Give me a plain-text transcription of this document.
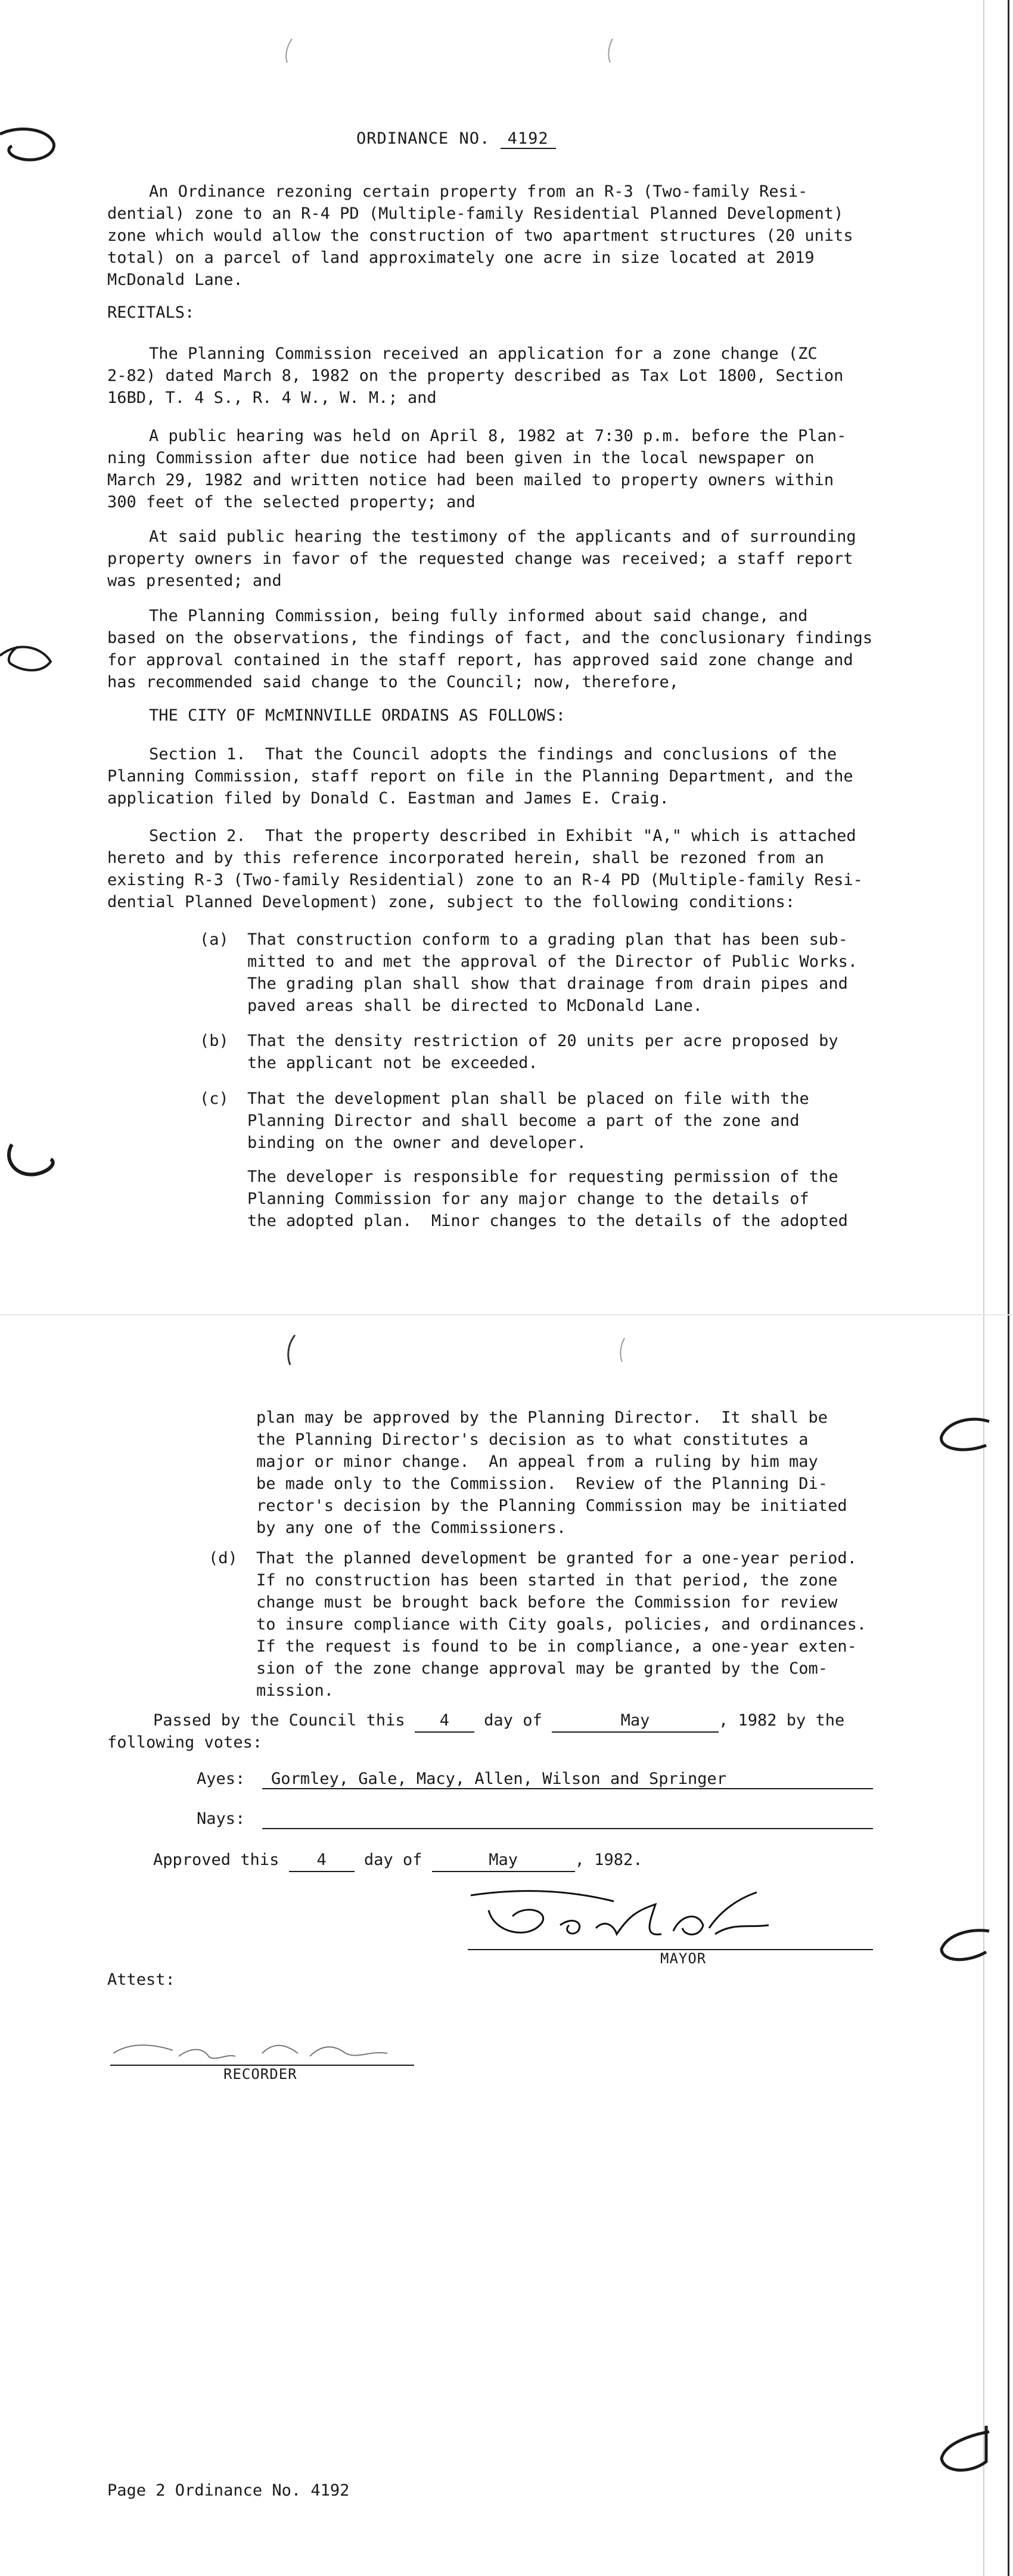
ORDINANCE NO. 4192
An Ordinance rezoning certain property from an R-3 (Two-family Resi-
dential) zone to an R-4 PD (Multiple-family Residential Planned Development)
zone which would allow the construction of two apartment structures (20 units
total) on a parcel of land approximately one acre in size located at 2019
McDonald Lane.
RECITALS:
The Planning Commission received an application for a zone change (ZC
2-82) dated March 8, 1982 on the property described as Tax Lot 1800, Section
16BD, T. 4 S., R. 4 W., W. M.; and
A public hearing was held on April 8, 1982 at 7:30 p.m. before the Plan-
ning Commission after due notice had been given in the local newspaper on
March 29, 1982 and written notice had been mailed to property owners within
300 feet of the selected property; and
At said public hearing the testimony of the applicants and of surrounding
property owners in favor of the requested change was received; a staff report
was presented; and
The Planning Commission, being fully informed about said change, and
based on the observations, the findings of fact, and the conclusionary findings
for approval contained in the staff report, has approved said zone change and
has recommended said change to the Council; now, therefore,
THE CITY OF McMINNVILLE ORDAINS AS FOLLOWS:
Section 1.  That the Council adopts the findings and conclusions of the
Planning Commission, staff report on file in the Planning Department, and the
application filed by Donald C. Eastman and James E. Craig.
Section 2.  That the property described in Exhibit "A," which is attached
hereto and by this reference incorporated herein, shall be rezoned from an
existing R-3 (Two-family Residential) zone to an R-4 PD (Multiple-family Resi-
dential Planned Development) zone, subject to the following conditions:
(a) That construction conform to a grading plan that has been sub-
mitted to and met the approval of the Director of Public Works.
The grading plan shall show that drainage from drain pipes and
paved areas shall be directed to McDonald Lane.
(b) That the density restriction of 20 units per acre proposed by
the applicant not be exceeded.
(c) That the development plan shall be placed on file with the
Planning Director and shall become a part of the zone and
binding on the owner and developer.
The developer is responsible for requesting permission of the
Planning Commission for any major change to the details of
the adopted plan.  Minor changes to the details of the adopted
plan may be approved by the Planning Director.  It shall be
the Planning Director's decision as to what constitutes a
major or minor change.  An appeal from a ruling by him may
be made only to the Commission.  Review of the Planning Di-
rector's decision by the Planning Commission may be initiated
by any one of the Commissioners.
(d) That the planned development be granted for a one-year period.
If no construction has been started in that period, the zone
change must be brought back before the Commission for review
to insure compliance with City goals, policies, and ordinances.
If the request is found to be in compliance, a one-year exten-
sion of the zone change approval may be granted by the Com-
mission.
Passed by the Council this 4 day of	May	, 1982 by the
following votes:
Ayes: Gormley, Gale, Macy, Allen, Wilson and Springer
Nays:
Approved this 4 day of	May	, 1982.
MAYOR
Attest:
RECORDER
Page 2 Ordinance No. 4192
